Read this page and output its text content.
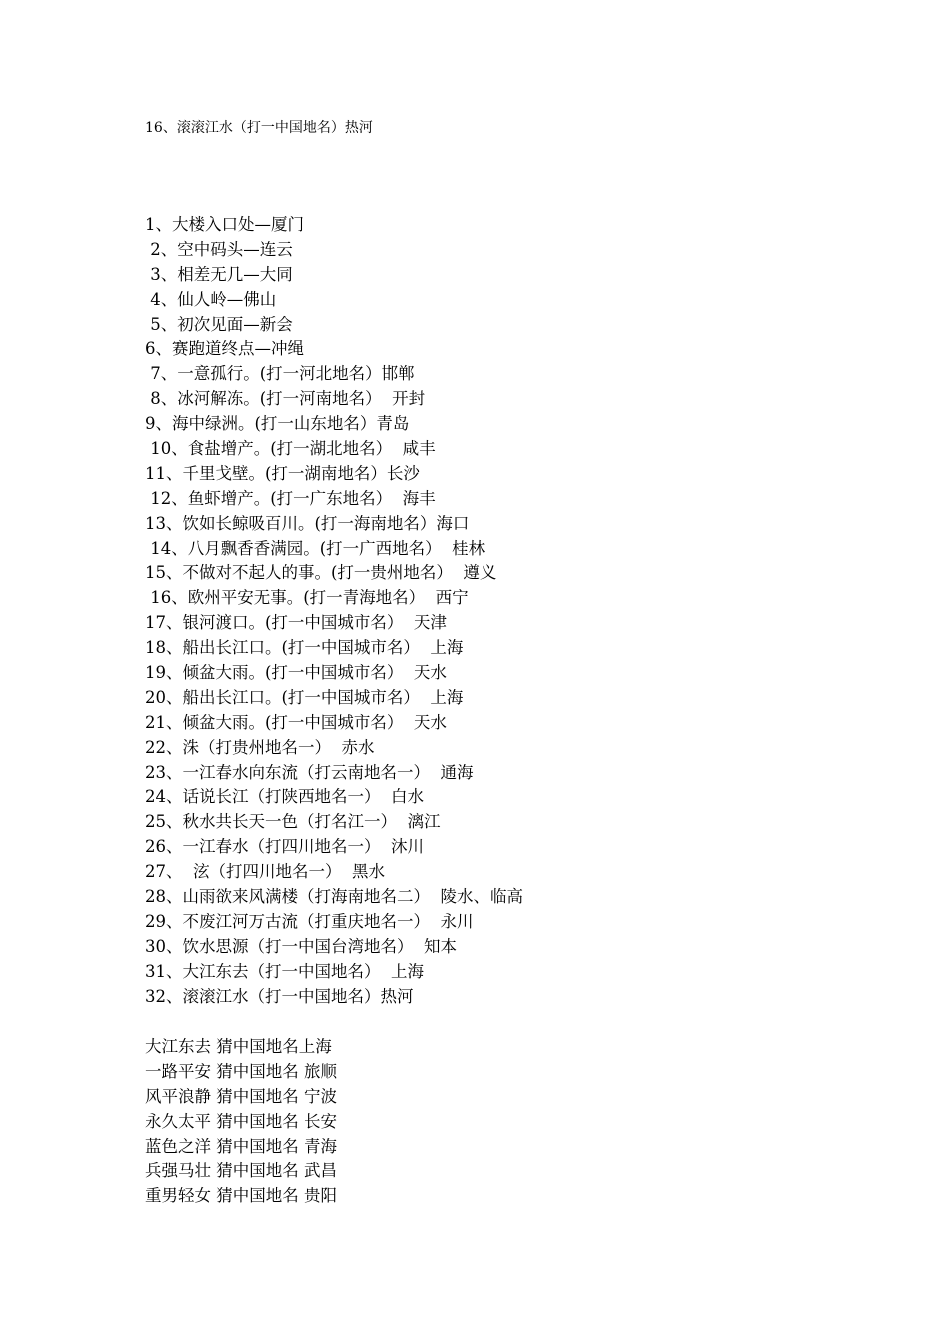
16、滚滚江水（打一中国地名）热河
1、大楼入口处—厦门
2、空中码头—连云
3、相差无几—大同
4、仙人岭—佛山
5、初次见面—新会
6、赛跑道终点—冲绳
7、一意孤行。(打一河北地名）邯郸
8、冰河解冻。(打一河南地名）  开封
9、海中绿洲。(打一山东地名）青岛
10、食盐增产。(打一湖北地名）  咸丰
11、千里戈壁。(打一湖南地名）长沙
12、鱼虾增产。(打一广东地名）  海丰
13、饮如长鲸吸百川。(打一海南地名）海口
14、八月飘香香满园。(打一广西地名）  桂林
15、不做对不起人的事。(打一贵州地名）  遵义
16、欧州平安无事。(打一青海地名）  西宁
17、银河渡口。(打一中国城市名）  天津
18、船出长江口。(打一中国城市名）  上海
19、倾盆大雨。(打一中国城市名）  天水
20、船出长江口。(打一中国城市名）  上海
21、倾盆大雨。(打一中国城市名）  天水
22、洙（打贵州地名一）  赤水
23、一江春水向东流（打云南地名一）  通海
24、话说长江（打陕西地名一）  白水
25、秋水共长天一色（打名江一）  漓江
26、一江春水（打四川地名一）  沐川
27、  泫（打四川地名一）  黑水
28、山雨欲来风满楼（打海南地名二）  陵水、临高
29、不废江河万古流（打重庆地名一）  永川
30、饮水思源（打一中国台湾地名）  知本
31、大江东去（打一中国地名）  上海
32、滚滚江水（打一中国地名）热河
大江东去 猜中国地名上海
一路平安 猜中国地名 旅顺
风平浪静 猜中国地名 宁波
永久太平 猜中国地名 长安
蓝色之洋 猜中国地名 青海
兵强马壮 猜中国地名 武昌
重男轻女 猜中国地名 贵阳
